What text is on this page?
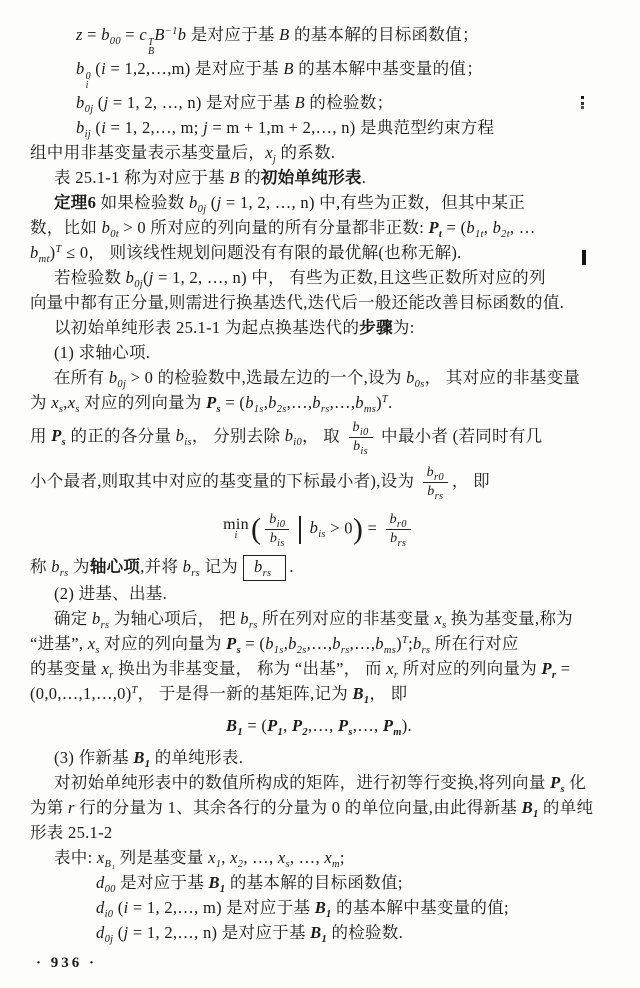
$z = b_{00} = c$ T
B
$B^{-1}b$ 是对应于基 B 的基本解的目标函数值；
b 0
i
(i = 1,2,…,m) 是对应于基 B 的基本解中基变量的值；
$b_{0j}$ (j = 1, 2, …, n) 是对应于基 B 的检验数；
$b_{ij}$ (i = 1, 2,…, m; j = m + 1,m + 2,…, n) 是典范型约束方程
组中用非基变量表示基变量后，$x_j$ 的系数.
表 25.1-1 称为对应于基 B 的初始单纯形表.
定理6 如果检验数 $b_{0j}$ (j = 1, 2, …, n) 中,有些为正数，但其中某正
数，比如 $b_{0t} > 0$ 所对应的列向量的所有分量都非正数: $P_t = (b_{1t}$, $b_{2t}$, …
$b_{mt})^T \le 0$， 则该线性规划问题没有有限的最优解(也称无解).
若检验数 $b_{0j}(j = 1$, 2, …, n) 中， 有些为正数,且这些正数所对应的列
向量中都有正分量,则需进行换基迭代,迭代后一般还能改善目标函数的值.
以初始单纯形表 25.1-1 为起点换基迭代的步骤为:
(1) 求轴心项.
在所有 $b_{0j} > 0$ 的检验数中,选最左边的一个,设为 $b_{0s}$， 其对应的非基变量
为 $x_s,x_s$ 对应的列向量为 $P_s$ = $(b_{1s},b_{2s},\dots,b_{rs},\dots,b_{ms})^T$.
用 $P_s$ 的正的各分量 $b_{is}$， 分别去除 $b_{i0}$， 取 $\frac{b_{i0}}{b_{is}}$ 中最小者 (若同时有几
小个最者,则取其中对应的基变量的下标最小者),设为 $\frac{b_{r0}}{b_{rs}}$ ， 即
min
i ( $\frac{b_{i0}}{b_{is}} b_{is} > 0) = \frac{b_{r0}}{b_{rs}}$
称 $b_{rs}$ 为轴心项,并将 $b_{rs}$ 记为 $b_{rs}$ .
(2) 进基、出基.
确定 $b_{rs}$ 为轴心项后， 把 $b_{rs}$ 所在列对应的非基变量 $x_s$ 换为基变量,称为
“进基”, $x_s$ 对应的列向量为 $P_s$ = $(b_{1s},b_{2s},\dots,b_{rs},\dots,b_{ms})^T;b_{rs}$ 所在行对应
的基变量 $x_r$ 换出为非基变量， 称为 “出基”， 而 $x_r$ 所对应的列向量为 $P_r$ =
(0,0,…,1,…,0)$^T$， 于是得一新的基矩阵,记为 $B_1$， 即
$B_1 = (P_1$, $P_2,\dots$, $P_s,\dots$, $P_m$).
(3) 作新基 $B_1$ 的单纯形表.
对初始单纯形表中的数值所构成的矩阵，进行初等行变换,将列向量 $P_s$ 化
为第 r 行的分量为 1、其余各行的分量为 0 的单位向量,由此得新基 $B_1$ 的单纯
形表 25.1-2
表中: $x_{B_1}$ 列是基变量 $x_1$, $x_2$, …, $x_s$, …, $x_m$;
$d_{00}$ 是对应于基 $B_1$ 的基本解的目标函数值;
$d_{i0}$ (i = 1, 2,…, m) 是对应于基 $B_1$ 的基本解中基变量的值;
$d_{0j}$ (j = 1, 2,…, n) 是对应于基 $B_1$ 的检验数.
· 936 ·
